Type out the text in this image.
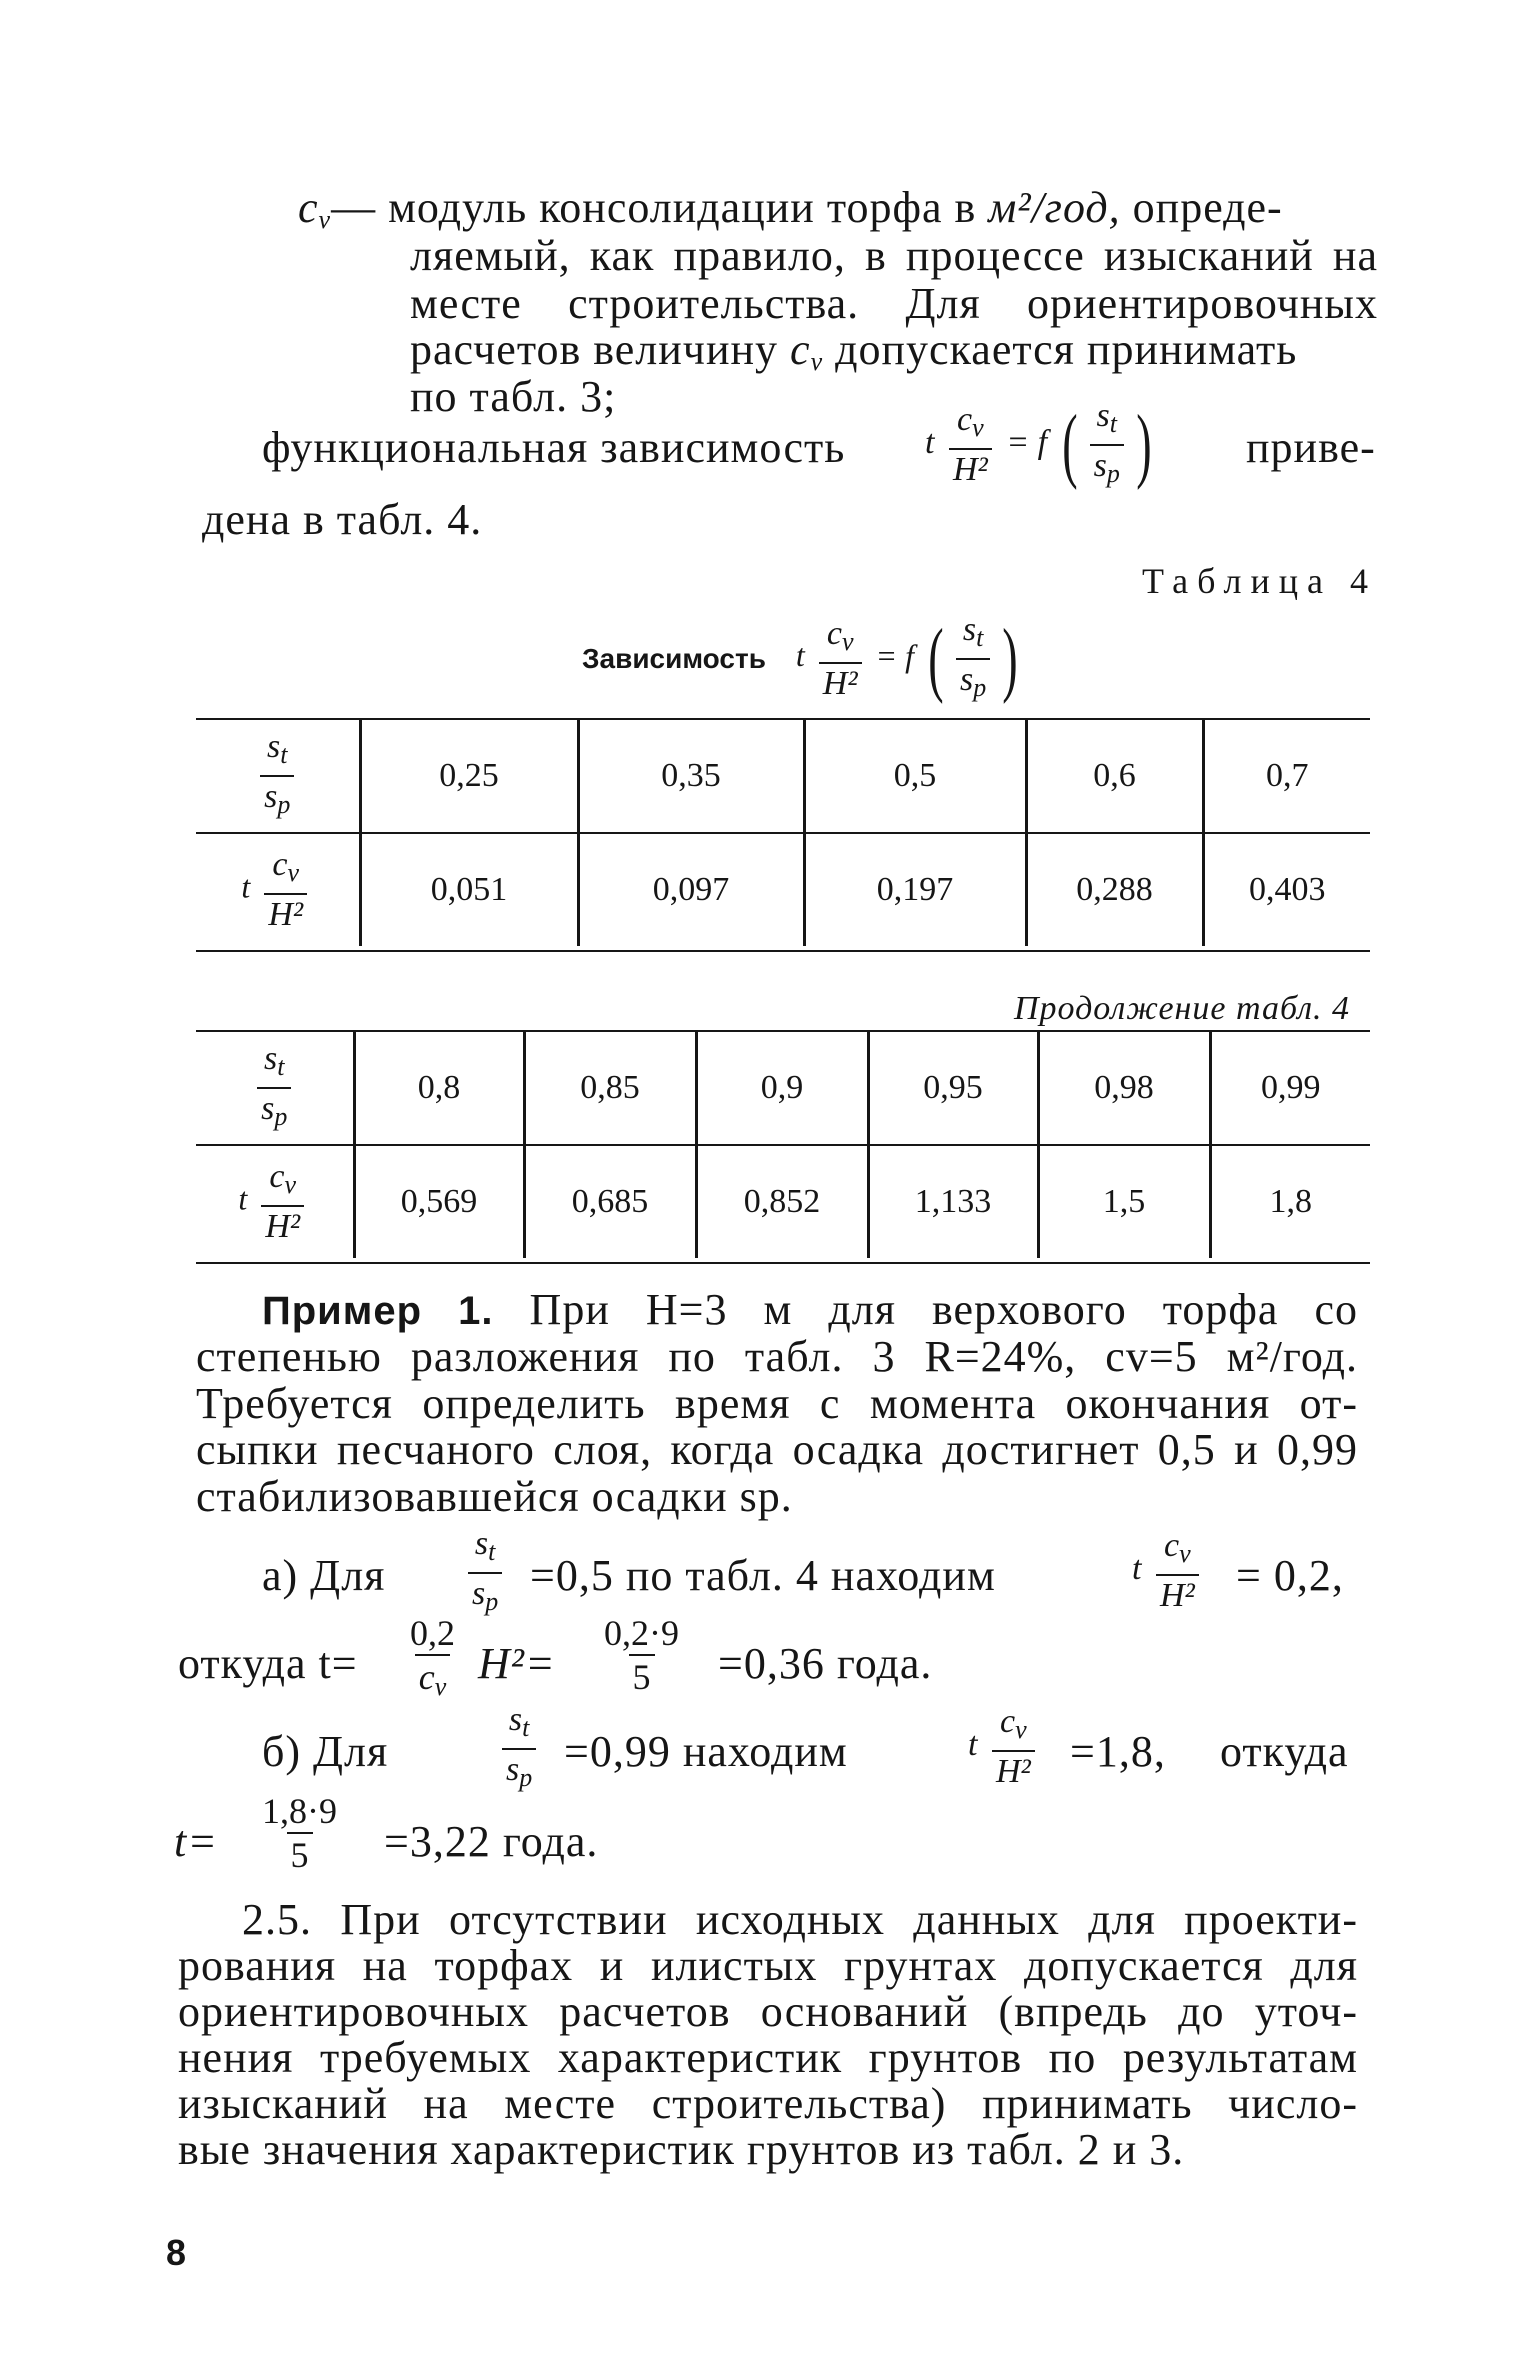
$c_v—$ модуль консолидации торфа в м²/год, опреде-
ляемый, как правило, в процессе изысканий на
месте строительства. Для ориентировочных
расчетов величину $c_v$ допускается принимать
по табл. 3;
функциональная зависимость t $\frac{c_v}{\text{H²}} = f$ ( $\frac{s_t}{s_p}$ ) приве-
дена в табл. 4.
Таблица 4
Зависимость t $\frac{c_v}{\text{H²}} = f$ ( $\frac{s_t}{s_p}$ )
$\frac{s_t}{s_p}$	0,25	0,35	0,5	0,6	0,7
t $\frac{c_v}{\text{H²}}$	0,051	0,097	0,197	0,288	0,403
Продолжение табл. 4
$\frac{s_t}{s_p}$	0,8	0,85	0,9	0,95	0,98	0,99
t $\frac{c_v}{\text{H²}}$	0,569	0,685	0,852	1,133	1,5	1,8
Пример 1. При H=3 м для верхового торфа со
степенью разложения по табл. 3 R=24%, cv=5 м²/год.
Требуется определить время с момента окончания от-
сыпки песчаного слоя, когда осадка достигнет 0,5 и 0,99
стабилизовавшейся осадки sp.
а) Для $\frac{s_t}{s_p} =0,5$ по табл. 4 находим	t $\frac{c_v}{\text{H²}} = 0,2$,
откуда $t= \frac{0,2}{c_v} H^2= \frac{0,2\cdot 9}{5} =0,36$ года.
б) Для	$\frac{s_t}{s_p} =0,99$ находим	t $\frac{c_v}{\text{H²}} =1,8$, откуда
$t= \frac{1,8\cdot 9}{5} =3,22$ года.
2.5. При отсутствии исходных данных для проекти-
рования на торфах и илистых грунтах допускается для
ориентировочных расчетов оснований (впредь до уточ-
нения требуемых характеристик грунтов по результатам
изысканий на месте строительства) принимать число-
вые значения характеристик грунтов из табл. 2 и 3.
8
